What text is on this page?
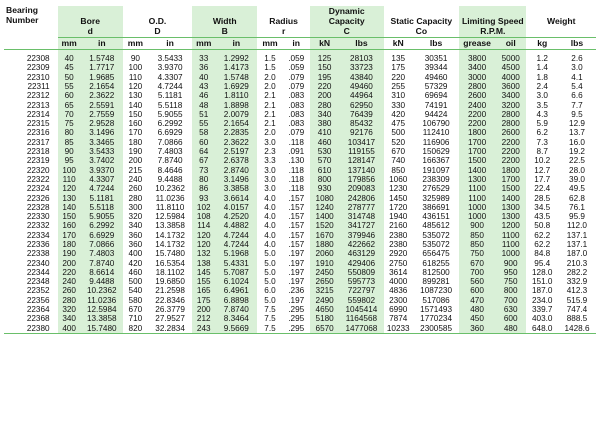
Bearing Number	Bore		O.D.		Width		Radius		Dynamic Capacity		Static Capacity		Limiting Speed		Weight	
	d		D		B		r		C		Co		R.P.M.			
	mm	in	mm	in	mm	in	mm	in	kN	lbs	kN	lbs	grease	oil	kg	lbs
22308	40	1.5748	90	3.5433	33	1.2992	1.5	.059	125	28103	135	30351	3800	5000	1.2	2.6
22309	45	1.7717	100	3.9370	36	1.4173	1.5	.059	150	33723	175	39344	3400	4500	1.4	3.0
22310	50	1.9685	110	4.3307	40	1.5748	2.0	.079	195	43840	220	49460	3000	4000	1.8	4.1
22311	55	2.1654	120	4.7244	43	1.6929	2.0	.079	220	49460	255	57329	2800	3600	2.4	5.4
22312	60	2.3622	130	5.1181	46	1.8110	2.1	.083	200	44964	310	69694	2600	3400	3.0	6.6
22313	65	2.5591	140	5.5118	48	1.8898	2.1	.083	280	62950	330	74191	2400	3200	3.5	7.7
22314	70	2.7559	150	5.9055	51	2.0079	2.1	.083	340	76439	420	94424	2200	2800	4.3	9.5
22315	75	2.9528	160	6.2992	55	2.1654	2.1	.083	380	85432	475	106790	2200	2800	5.9	12.9
22316	80	3.1496	170	6.6929	58	2.2835	2.0	.079	410	92176	500	112410	1800	2600	6.2	13.7
22317	85	3.3465	180	7.0866	60	2.3622	3.0	.118	460	103417	520	116906	1700	2200	7.3	16.0
22318	90	3.5433	190	7.4803	64	2.5197	2.3	.091	530	119155	670	150629	1700	2200	8.7	19.2
22319	95	3.7402	200	7.8740	67	2.6378	3.3	.130	570	128147	740	166367	1500	2200	10.2	22.5
22320	100	3.9370	215	8.4646	73	2.8740	3.0	.118	610	137140	850	191097	1400	1800	12.7	28.0
22322	110	4.3307	240	9.4488	80	3.1496	3.0	.118	800	179856	1060	238309	1300	1700	17.7	39.0
22324	120	4.7244	260	10.2362	86	3.3858	3.0	.118	930	209083	1230	276529	1100	1500	22.4	49.5
22326	130	5.1181	280	11.0236	93	3.6614	4.0	.157	1080	242806	1450	325989	1100	1400	28.5	62.8
22328	140	5.5118	300	11.8110	102	4.0157	4.0	.157	1240	278777	1720	386691	1000	1300	34.5	76.1
22330	150	5.9055	320	12.5984	108	4.2520	4.0	.157	1400	314748	1940	436151	1000	1300	43.5	95.9
22332	160	6.2992	340	13.3858	114	4.4882	4.0	.157	1520	341727	2160	485612	900	1200	50.8	112.0
22334	170	6.6929	360	14.1732	120	4.7244	4.0	.157	1670	379946	2380	535072	850	1100	62.2	137.1
22336	180	7.0866	360	14.1732	120	4.7244	4.0	.157	1880	422662	2380	535072	850	1100	62.2	137.1
22338	190	7.4803	400	15.7480	132	5.1968	5.0	.197	2060	463129	2920	656475	750	1000	84.8	187.0
22340	200	7.8740	420	16.5354	138	5.4331	5.0	.197	1910	429406	2750	618255	670	900	95.4	210.3
22344	220	8.6614	460	18.1102	145	5.7087	5.0	.197	2450	550809	3614	812500	700	950	128.0	282.2
22348	240	9.4488	500	19.6850	155	6.1024	5.0	.197	2650	595773	4000	899281	560	750	151.0	332.9
22352	260	10.2362	540	21.2598	165	6.4961	6.0	.236	3215	722797	4836	1087230	600	800	187.0	412.3
22356	280	11.0236	580	22.8346	175	6.8898	5.0	.197	2490	559802	2300	517086	470	700	234.0	515.9
22364	320	12.5984	670	26.3779	200	7.8740	7.5	.295	4650	1045414	6990	1571493	480	630	339.7	747.4
22368	340	13.3858	710	27.9527	212	8.3464	7.5	.295	5180	1164568	7874	1770234	450	600	403.0	888.5
22380	400	15.7480	820	32.2834	243	9.5669	7.5	.295	6570	1477068	10233	2300585	360	480	648.0	1428.6
